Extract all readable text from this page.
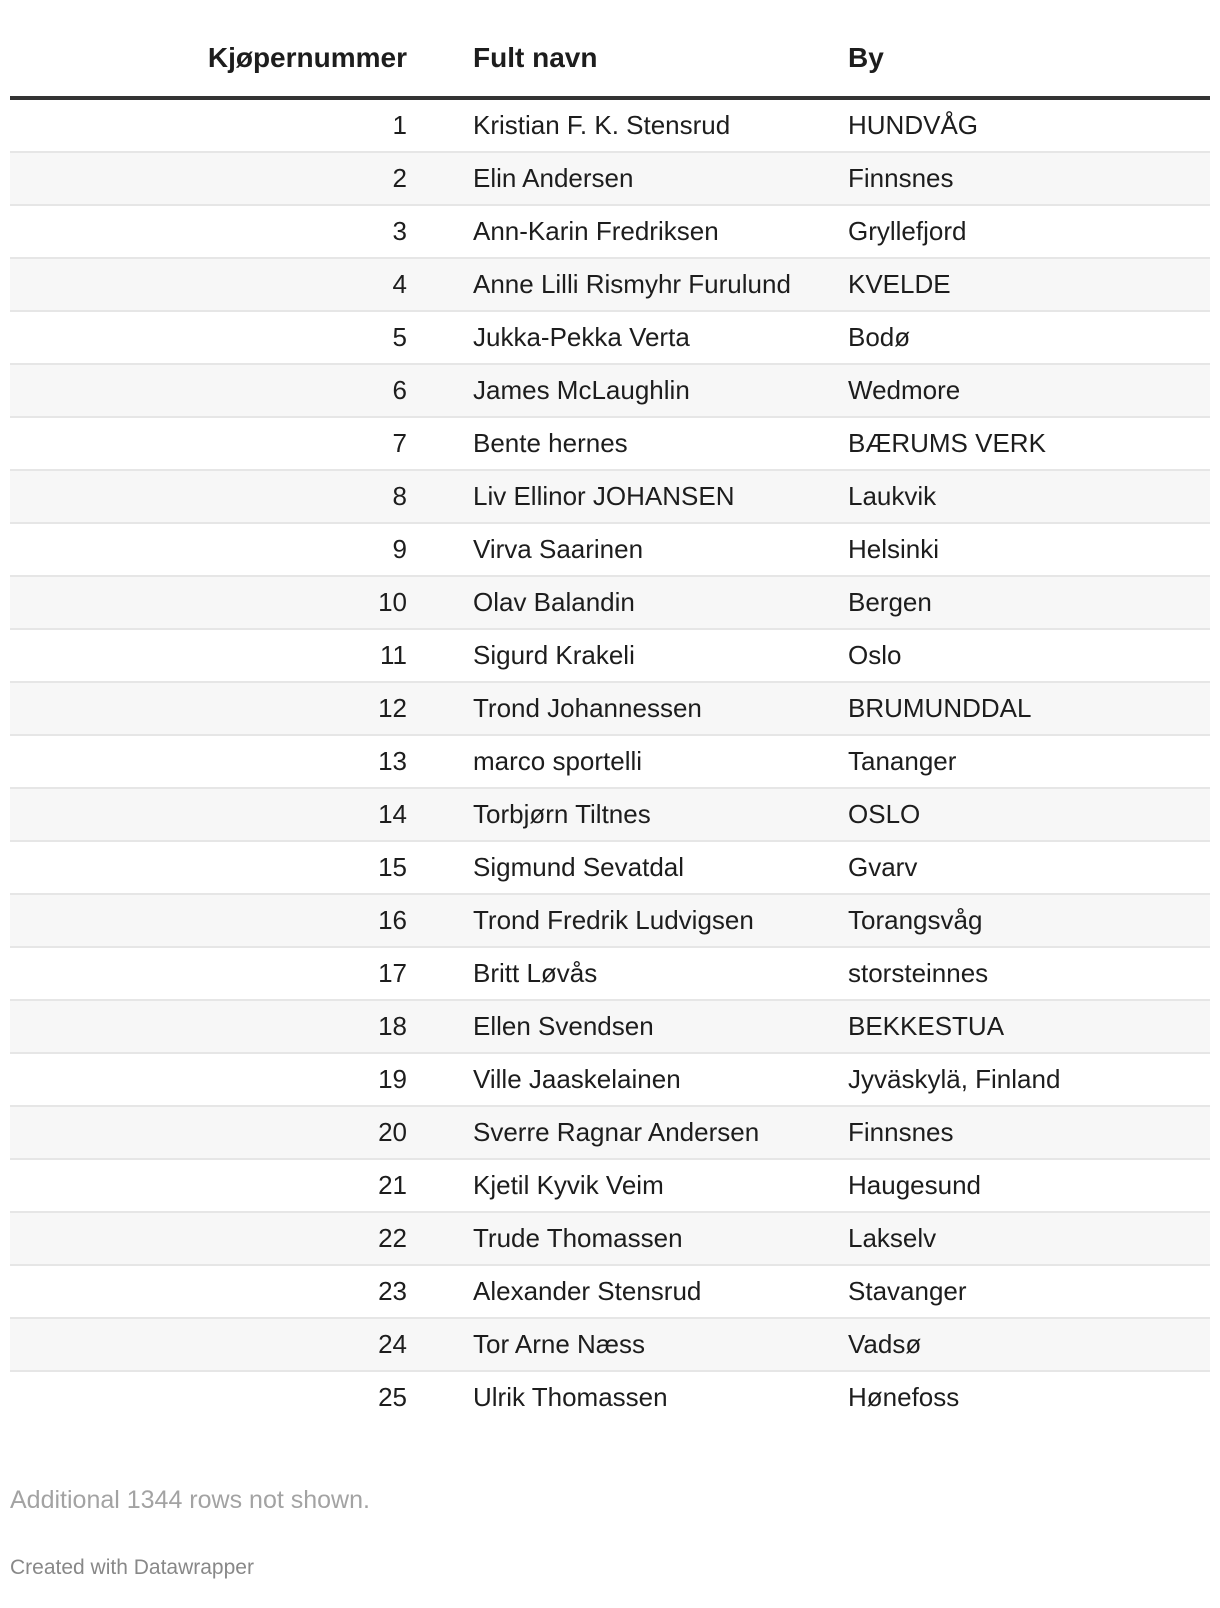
Kjøpernummer	Fult navn	By
1	Kristian F. K. Stensrud	HUNDVÅG
2	Elin Andersen	Finnsnes
3	Ann-Karin Fredriksen	Gryllefjord
4	Anne Lilli Rismyhr Furulund	KVELDE
5	Jukka-Pekka Verta	Bodø
6	James McLaughlin	Wedmore
7	Bente hernes	BÆRUMS VERK
8	Liv Ellinor JOHANSEN	Laukvik
9	Virva Saarinen	Helsinki
10	Olav Balandin	Bergen
11	Sigurd Krakeli	Oslo
12	Trond Johannessen	BRUMUNDDAL
13	marco sportelli	Tananger
14	Torbjørn Tiltnes	OSLO
15	Sigmund Sevatdal	Gvarv
16	Trond Fredrik Ludvigsen	Torangsvåg
17	Britt Løvås	storsteinnes
18	Ellen Svendsen	BEKKESTUA
19	Ville Jaaskelainen	Jyväskylä, Finland
20	Sverre Ragnar Andersen	Finnsnes
21	Kjetil Kyvik Veim	Haugesund
22	Trude Thomassen	Lakselv
23	Alexander Stensrud	Stavanger
24	Tor Arne Næss	Vadsø
25	Ulrik Thomassen	Hønefoss
Additional 1344 rows not shown.
Created with Datawrapper
